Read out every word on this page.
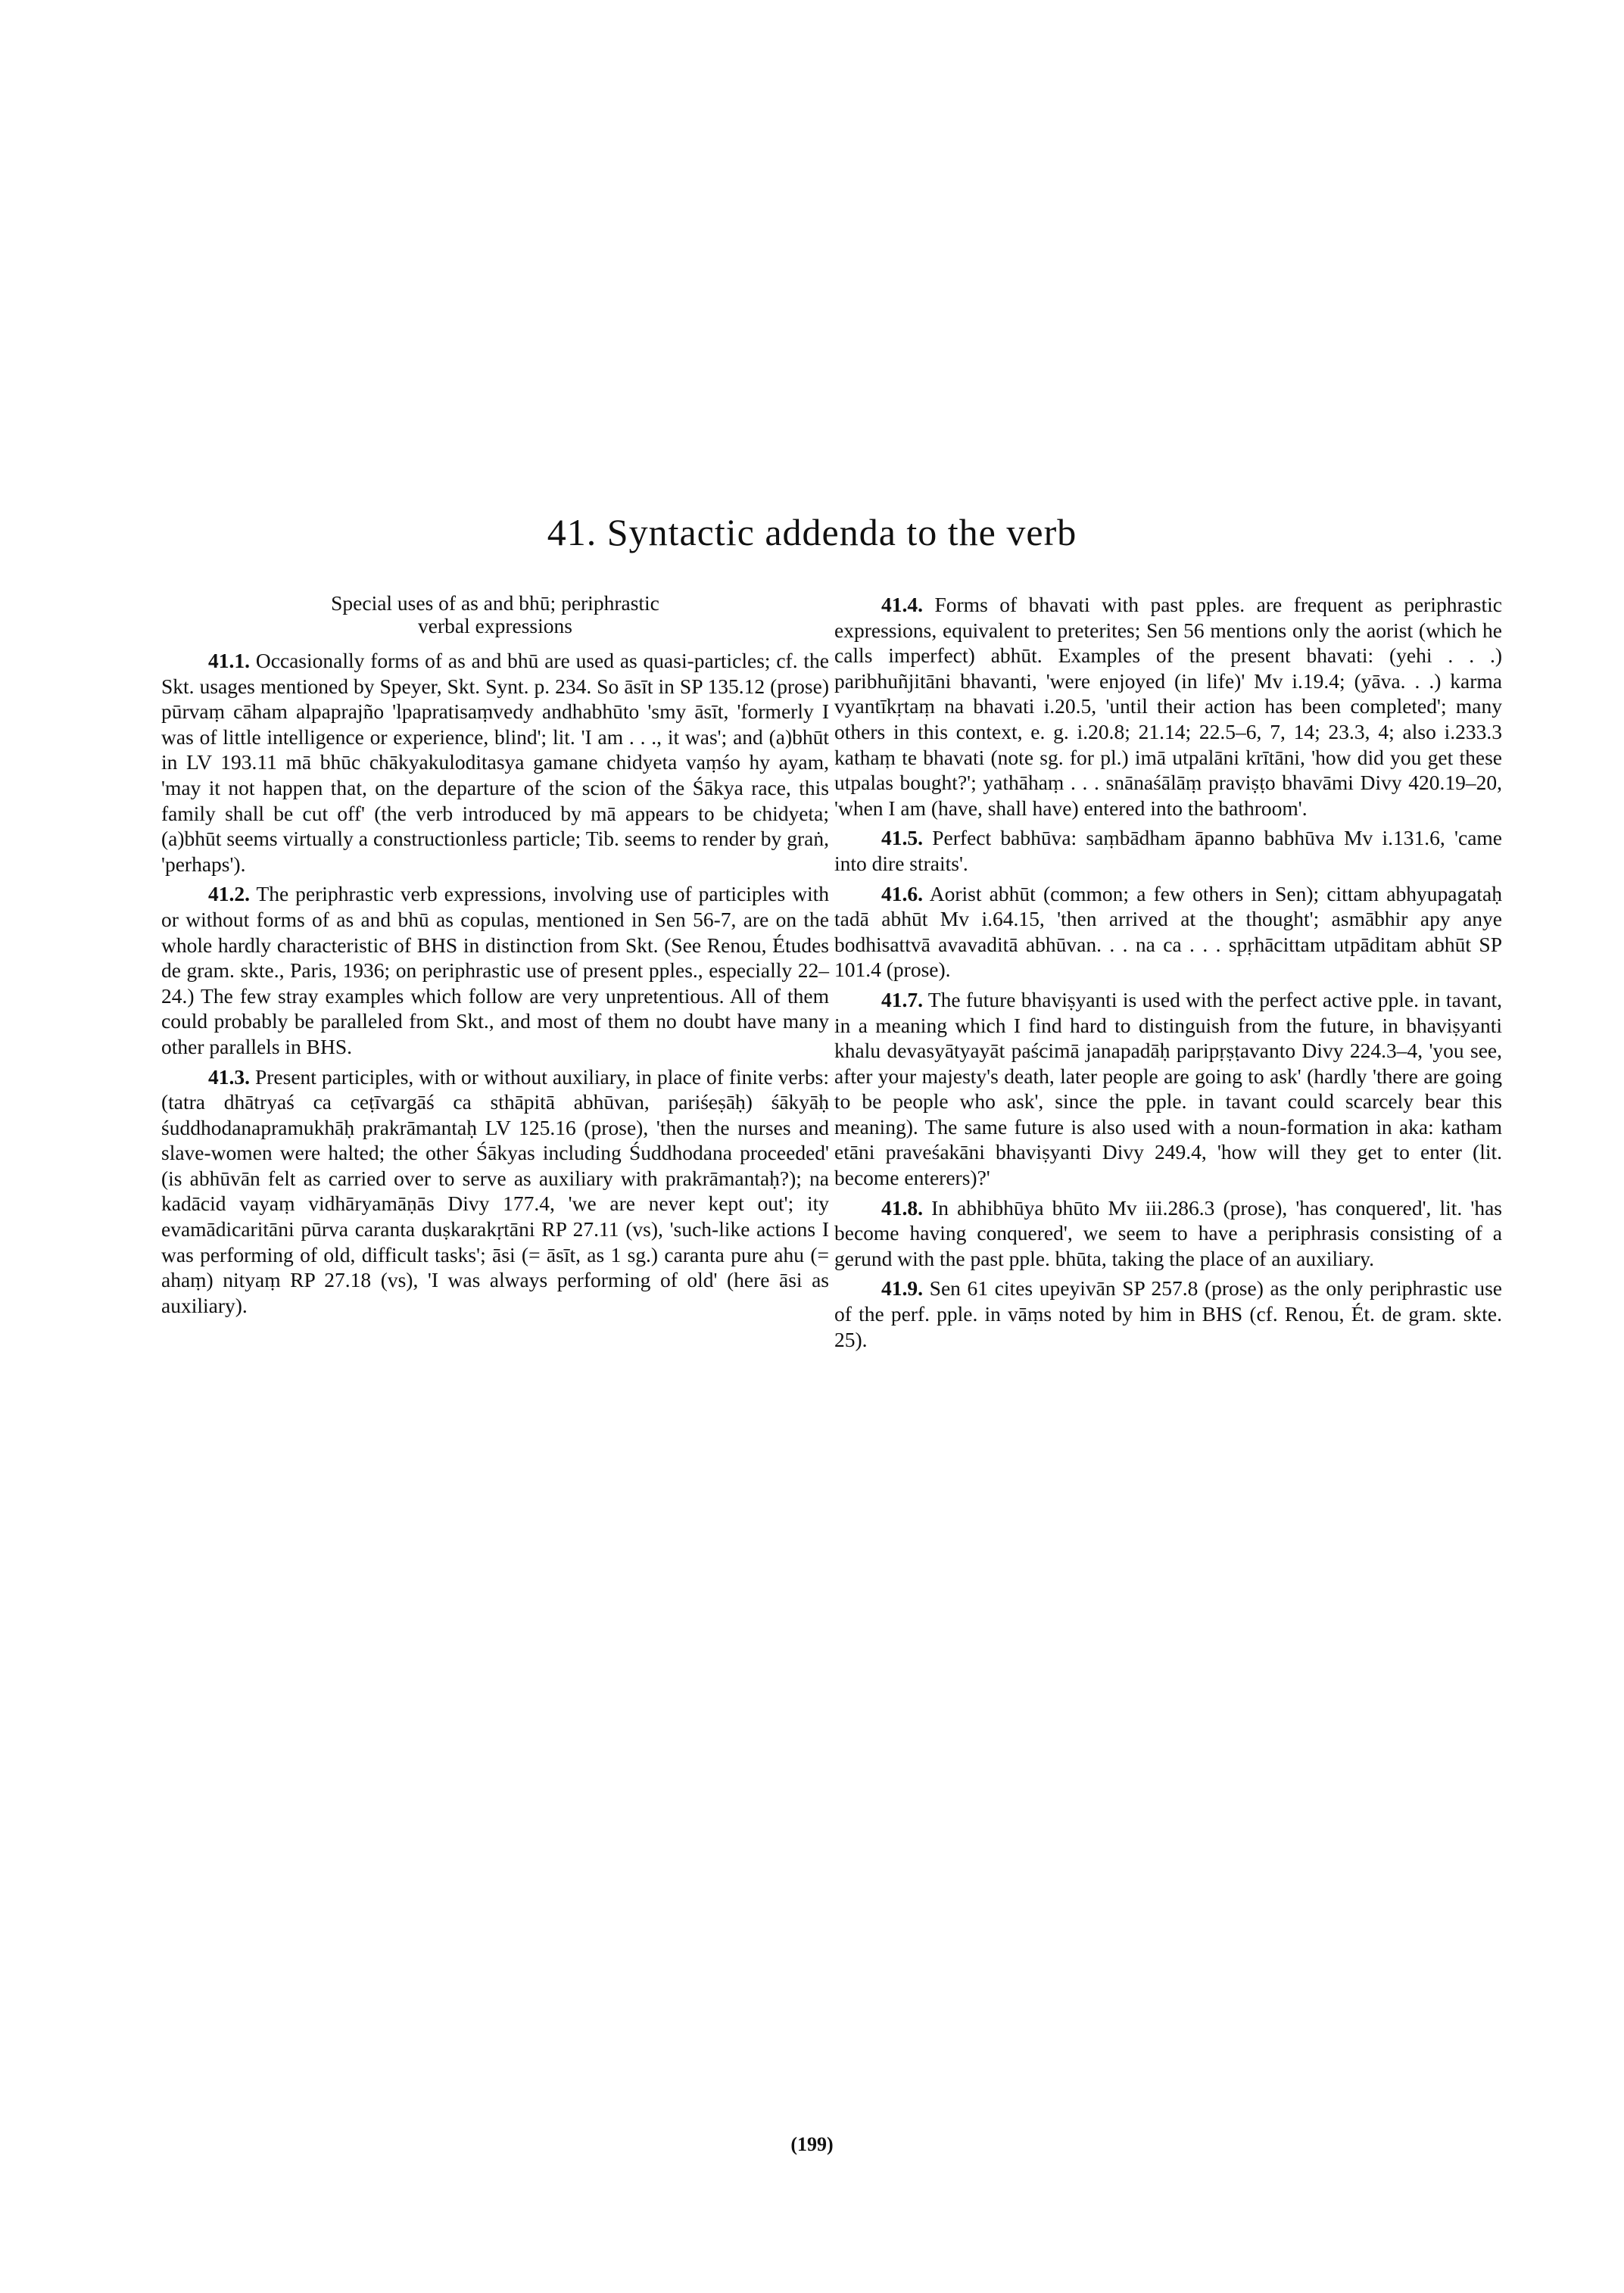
41. Syntactic addenda to the verb
Special uses of as and bhū; periphrastic
verbal expressions

41.1. Occasionally forms of as and bhū are used as quasi-particles; cf. the Skt. usages mentioned by Speyer, Skt. Synt. p. 234. So āsīt in SP 135.12 (prose) pūrvaṃ cāham alpaprajño 'lpapratisaṃvedy andhabhūto 'smy āsīt, 'formerly I was of little intelligence or experience, blind'; lit. 'I am . . ., it was'; and (a)bhūt in LV 193.11 mā bhūc chākyakuloditasya gamane chidyeta vaṃśo hy ayam, 'may it not happen that, on the departure of the scion of the Śākya race, this family shall be cut off' (the verb introduced by mā appears to be chidyeta; (a)bhūt seems virtually a constructionless particle; Tib. seems to render by graṅ, 'perhaps').

41.2. The periphrastic verb expressions, involving use of participles with or without forms of as and bhū as copulas, mentioned in Sen 56-7, are on the whole hardly characteristic of BHS in distinction from Skt. (See Renou, Études de gram. skte., Paris, 1936; on periphrastic use of present pples., especially 22–24.) The few stray examples which follow are very unpretentious. All of them could probably be paralleled from Skt., and most of them no doubt have many other parallels in BHS.

41.3. Present participles, with or without auxiliary, in place of finite verbs: (tatra dhātryaś ca ceṭīvargāś ca sthāpitā abhūvan, pariśeṣāḥ) śākyāḥ śuddhodanapramukhāḥ prakrāmantaḥ LV 125.16 (prose), 'then the nurses and slave-women were halted; the other Śākyas including Śuddhodana proceeded' (is abhūvān felt as carried over to serve as auxiliary with prakrāmantaḥ?); na kadācid vayaṃ vidhāryamāṇās Divy 177.4, 'we are never kept out'; ity evamādicaritāni pūrva caranta duṣkarakṛtāni RP 27.11 (vs), 'such-like actions I was performing of old, difficult tasks'; āsi (= āsīt, as 1 sg.) caranta pure ahu (= ahaṃ) nityaṃ RP 27.18 (vs), 'I was always performing of old' (here āsi as auxiliary).

41.4. Forms of bhavati with past pples. are frequent as periphrastic expressions, equivalent to preterites; Sen 56 mentions only the aorist (which he calls imperfect) abhūt. Examples of the present bhavati: (yehi . . .) paribhuñjitāni bhavanti, 'were enjoyed (in life)' Mv i.19.4; (yāva. . .) karma vyantīkṛtaṃ na bhavati i.20.5, 'until their action has been completed'; many others in this context, e. g. i.20.8; 21.14; 22.5–6, 7, 14; 23.3, 4; also i.233.3 kathaṃ te bhavati (note sg. for pl.) imā utpalāni krītāni, 'how did you get these utpalas bought?'; yathāhaṃ . . . snānaśālāṃ praviṣṭo bhavāmi Divy 420.19–20, 'when I am (have, shall have) entered into the bathroom'.

41.5. Perfect babhūva: saṃbādham āpanno babhūva Mv i.131.6, 'came into dire straits'.

41.6. Aorist abhūt (common; a few others in Sen); cittam abhyupagataḥ tadā abhūt Mv i.64.15, 'then arrived at the thought'; asmābhir apy anye bodhisattvā avavaditā abhūvan. . . na ca . . . spṛhācittam utpāditam abhūt SP 101.4 (prose).

41.7. The future bhaviṣyanti is used with the perfect active pple. in tavant, in a meaning which I find hard to distinguish from the future, in bhaviṣyanti khalu devasyātyayāt paścimā janapadāḥ paripṛṣṭavanto Divy 224.3–4, 'you see, after your majesty's death, later people are going to ask' (hardly 'there are going to be people who ask', since the pple. in tavant could scarcely bear this meaning). The same future is also used with a noun-formation in aka: katham etāni praveśakāni bhaviṣyanti Divy 249.4, 'how will they get to enter (lit. become enterers)?'

41.8. In abhibhūya bhūto Mv iii.286.3 (prose), 'has conquered', lit. 'has become having conquered', we seem to have a periphrasis consisting of a gerund with the past pple. bhūta, taking the place of an auxiliary.

41.9. Sen 61 cites upeyivān SP 257.8 (prose) as the only periphrastic use of the perf. pple. in vāṃs noted by him in BHS (cf. Renou, Ét. de gram. skte. 25).

(199)
